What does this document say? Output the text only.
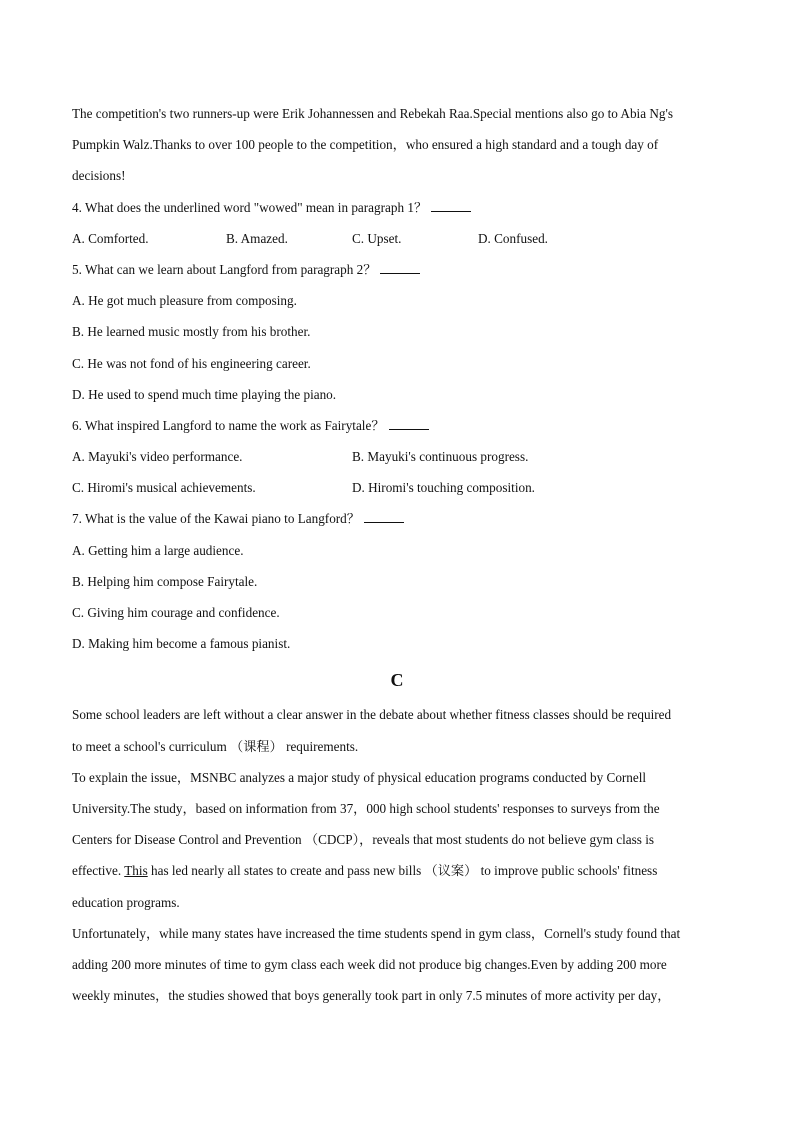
The competition's two runners-up were Erik Johannessen and Rebekah Raa.Special mentions also go to Abia Ng's
Pumpkin Walz.Thanks to over 100 people to the competition，who ensured a high standard and a tough day of
decisions!
4. What does the underlined word "wowed" mean in paragraph 1？
A. Comforted.	B. Amazed.	C. Upset.	D. Confused.
5. What can we learn about Langford from paragraph 2？
A. He got much pleasure from composing.
B. He learned music mostly from his brother.
C. He was not fond of his engineering career.
D. He used to spend much time playing the piano.
6. What inspired Langford to name the work as Fairytale？
A. Mayuki's video performance.	B. Mayuki's continuous progress.
C. Hiromi's musical achievements.	D. Hiromi's touching composition.
7. What is the value of the Kawai piano to Langford？
A. Getting him a large audience.
B. Helping him compose Fairytale.
C. Giving him courage and confidence.
D. Making him become a famous pianist.
C
Some school leaders are left without a clear answer in the debate about whether fitness classes should be required
to meet a school's curriculum （课程） requirements.
To explain the issue，MSNBC analyzes a major study of physical education programs conducted by Cornell
University.The study，based on information from 37，000 high school students' responses to surveys from the
Centers for Disease Control and Prevention （CDCP），reveals that most students do not believe gym class is
effective. This has led nearly all states to create and pass new bills （议案） to improve public schools' fitness
education programs.
Unfortunately，while many states have increased the time students spend in gym class，Cornell's study found that
adding 200 more minutes of time to gym class each week did not produce big changes.Even by adding 200 more
weekly minutes，the studies showed that boys generally took part in only 7.5 minutes of more activity per day，
